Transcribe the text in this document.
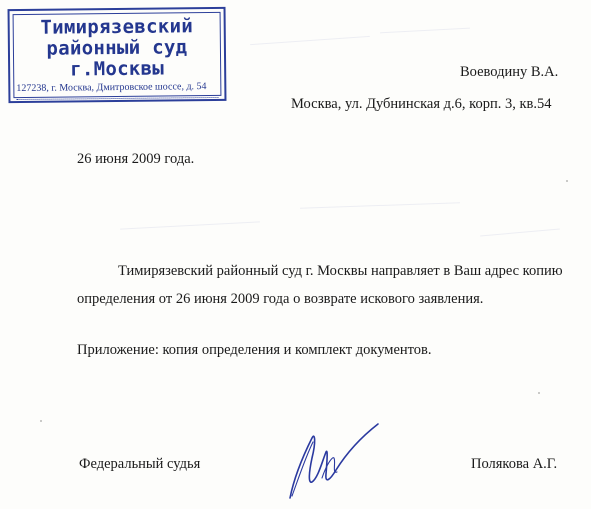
Тимирязевский
районный суд
г.Москвы
127238, г. Москва, Дмитровское шоссе, д. 54
Воеводину В.А.
Москва, ул. Дубнинская д.6, корп. 3, кв.54
26 июня 2009 года.
Тимирязевский районный суд г. Москвы направляет в Ваш адрес копию
определения от 26 июня 2009 года о возврате искового заявления.
Приложение: копия определения и комплект документов.
Федеральный судья	Полякова А.Г.
